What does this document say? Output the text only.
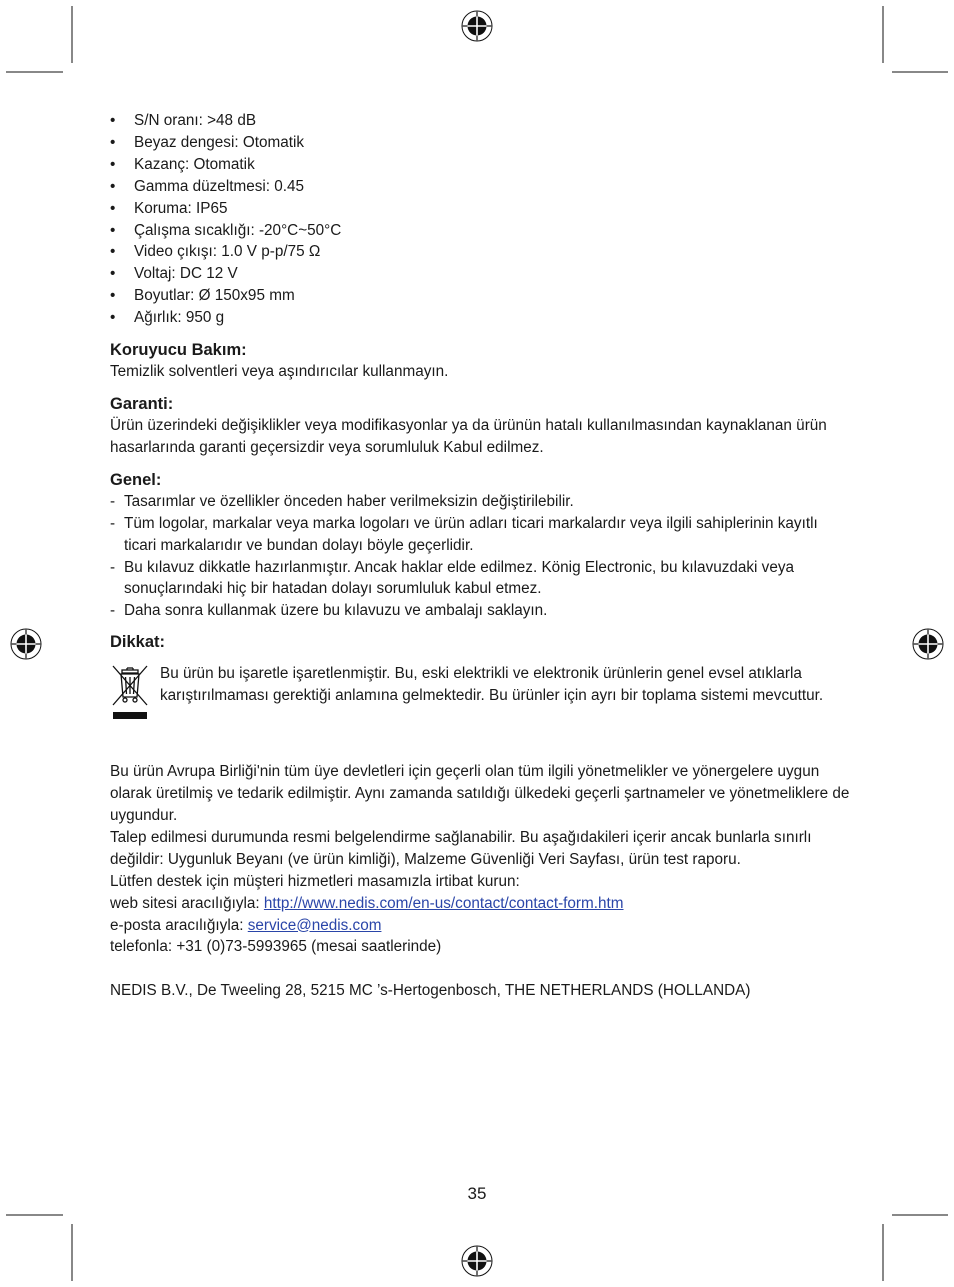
• S/N oranı: >48 dB
• Beyaz dengesi: Otomatik
• Kazanç: Otomatik
• Gamma düzeltmesi: 0.45
• Koruma: IP65
• Çalışma sıcaklığı: -20°C~50°C
• Video çıkışı: 1.0 V p-p/75 Ω
• Voltaj: DC 12 V
• Boyutlar: Ø 150x95 mm
• Ağırlık: 950 g
Koruyucu Bakım:

Temizlik solventleri veya aşındırıcılar kullanmayın.

Garanti:

Ürün üzerindeki değişiklikler veya modifikasyonlar ya da ürünün hatalı kullanılmasından kaynaklanan ürün hasarlarında garanti geçersizdir veya sorumluluk Kabul edilmez.

Genel:
- Tasarımlar ve özellikler önceden haber verilmeksizin değiştirilebilir.
- Tüm logolar, markalar veya marka logoları ve ürün adları ticari markalardır veya ilgili sahiplerinin kayıtlı ticari markalarıdır ve bundan dolayı böyle geçerlidir.
- Bu kılavuz dikkatle hazırlanmıştır. Ancak haklar elde edilmez. König Electronic, bu kılavuzdaki veya sonuçlarındaki hiç bir hatadan dolayı sorumluluk kabul etmez.
- Daha sonra kullanmak üzere bu kılavuzu ve ambalajı saklayın.
Dikkat:

Bu ürün bu işaretle işaretlenmiştir. Bu, eski elektrikli ve elektronik ürünlerin genel evsel atıklarla karıştırılmaması gerektiği anlamına gelmektedir. Bu ürünler için ayrı bir toplama sistemi mevcuttur.

Bu ürün Avrupa Birliği'nin tüm üye devletleri için geçerli olan tüm ilgili yönetmelikler ve yönergelere uygun olarak üretilmiş ve tedarik edilmiştir. Aynı zamanda satıldığı ülkedeki geçerli şartnameler ve yönetmeliklere de uygundur.

Talep edilmesi durumunda resmi belgelendirme sağlanabilir. Bu aşağıdakileri içerir ancak bunlarla sınırlı değildir: Uygunluk Beyanı (ve ürün kimliği), Malzeme Güvenliği Veri Sayfası, ürün test raporu.

Lütfen destek için müşteri hizmetleri masamızla irtibat kurun:

web sitesi aracılığıyla: http://www.nedis.com/en-us/contact/contact-form.htm

e-posta aracılığıyla: service@nedis.com

telefonla: +31 (0)73-5993965 (mesai saatlerinde)

NEDIS B.V., De Tweeling 28, 5215 MC ’s-Hertogenbosch, THE NETHERLANDS (HOLLANDA)

35
